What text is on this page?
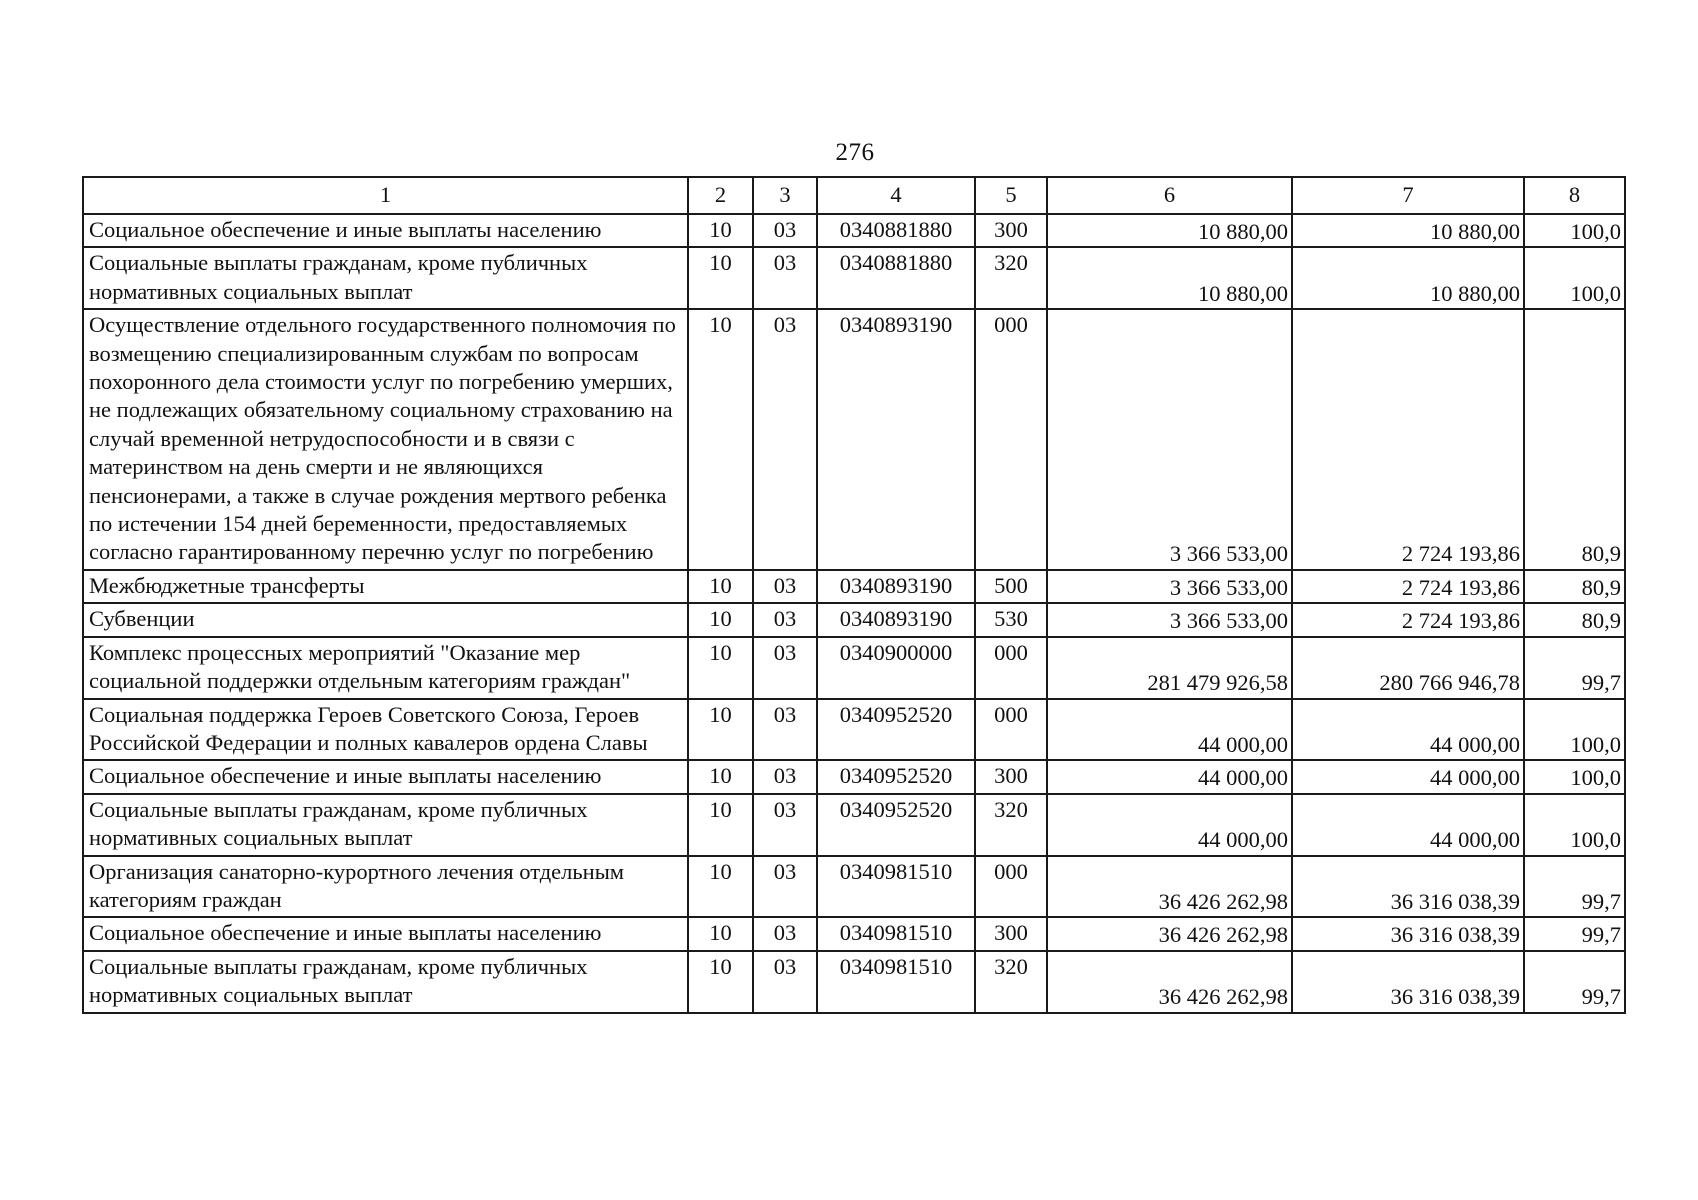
276
1	2	3	4	5	6	7	8
Социальное обеспечение и иные выплаты населению	10	03	0340881880	300	10 880,00	10 880,00	100,0
Социальные выплаты гражданам, кроме публичных нормативных социальных выплат	10	03	0340881880	320	10 880,00	10 880,00	100,0
Осуществление отдельного государственного полномочия по возмещению специализированным службам по вопросам похоронного дела стоимости услуг по погребению умерших, не подлежащих обязательному социальному страхованию на случай временной нетрудоспособности и в связи с материнством на день смерти и не являющихся пенсионерами, а также в случае рождения мертвого ребенка по истечении 154 дней беременности, предоставляемых согласно гарантированному перечню услуг по погребению	10	03	0340893190	000	3 366 533,00	2 724 193,86	80,9
Межбюджетные трансферты	10	03	0340893190	500	3 366 533,00	2 724 193,86	80,9
Субвенции	10	03	0340893190	530	3 366 533,00	2 724 193,86	80,9
Комплекс процессных мероприятий "Оказание мер социальной поддержки отдельным категориям граждан"	10	03	0340900000	000	281 479 926,58	280 766 946,78	99,7
Социальная поддержка Героев Советского Союза, Героев Российской Федерации и полных кавалеров ордена Славы	10	03	0340952520	000	44 000,00	44 000,00	100,0
Социальное обеспечение и иные выплаты населению	10	03	0340952520	300	44 000,00	44 000,00	100,0
Социальные выплаты гражданам, кроме публичных нормативных социальных выплат	10	03	0340952520	320	44 000,00	44 000,00	100,0
Организация санаторно-курортного лечения отдельным категориям граждан	10	03	0340981510	000	36 426 262,98	36 316 038,39	99,7
Социальное обеспечение и иные выплаты населению	10	03	0340981510	300	36 426 262,98	36 316 038,39	99,7
Социальные выплаты гражданам, кроме публичных нормативных социальных выплат	10	03	0340981510	320	36 426 262,98	36 316 038,39	99,7
